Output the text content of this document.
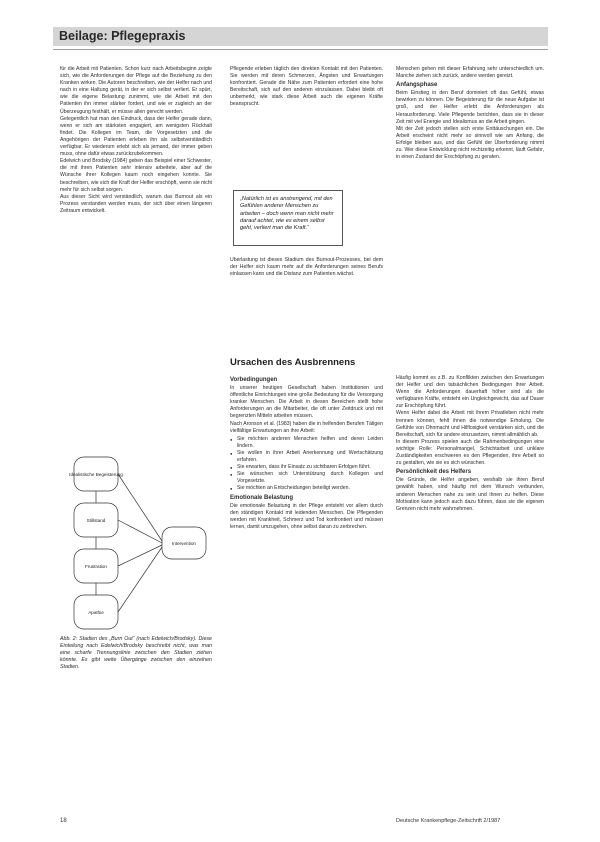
Beilage: Pflegepraxis

für die Arbeit mit Patienten. Schon kurz nach Arbeitsbeginn zeigte sich, wie die Anforderungen der Pflege auf die Beziehung zu den Kranken wirken. Die Autoren beschreiben, wie der Helfer nach und nach in eine Haltung gerät, in der er sich selbst verliert. Er spürt, wie die eigene Belastung zunimmt, wie die Arbeit mit den Patienten ihn immer stärker fordert, und wie er zugleich an der Überzeugung festhält, er müsse allen gerecht werden.

Gelegentlich hat man den Eindruck, dass der Helfer gerade dann, wenn er sich am stärksten engagiert, am wenigsten Rückhalt findet. Die Kollegen im Team, die Vorgesetzten und die Angehörigen der Patienten erleben ihn als selbstverständlich verfügbar. Er wiederum erlebt sich als jemand, der immer geben muss, ohne dafür etwas zurückzubekommen.

Edelwich und Brodsky (1984) geben das Beispiel einer Schwester, die mit ihren Patienten sehr intensiv arbeitete, aber auf die Wünsche ihrer Kollegen kaum noch eingehen konnte. Sie beschreiben, wie sich die Kraft der Helfer erschöpft, wenn sie nicht mehr für sich selbst sorgen.

Aus dieser Sicht wird verständlich, warum das Burnout als ein Prozess verstanden werden muss, der sich über einen längeren Zeitraum entwickelt.

Pflegende erleben täglich den direkten Kontakt mit den Patienten. Sie werden mit deren Schmerzen, Ängsten und Erwartungen konfrontiert. Gerade die Nähe zum Patienten erfordert eine hohe Bereitschaft, sich auf den anderen einzulassen. Dabei bleibt oft unbemerkt, wie stark diese Arbeit auch die eigenen Kräfte beansprucht.

„Natürlich ist es anstrengend, mit den Gefühlen anderer Menschen zu arbeiten – doch wenn man nicht mehr darauf achtet, wie es einem selbst geht, verliert man die Kraft.“

Überlastung ist dieses Stadium des Burnout-Prozesses, bei dem der Helfer sich kaum mehr auf die Anforderungen seines Berufs einlassen kann und die Distanz zum Patienten wächst.

Menschen gehen mit dieser Erfahrung sehr unterschiedlich um. Manche ziehen sich zurück, andere werden gereizt.

Anfangsphase

Beim Einstieg in den Beruf dominiert oft das Gefühl, etwas bewirken zu können. Die Begeisterung für die neue Aufgabe ist groß, und der Helfer erlebt die Anforderungen als Herausforderung. Viele Pflegende berichten, dass sie in dieser Zeit mit viel Energie und Idealismus an die Arbeit gingen.

Mit der Zeit jedoch stellen sich erste Enttäuschungen ein. Die Arbeit erscheint nicht mehr so sinnvoll wie am Anfang, die Erfolge bleiben aus, und das Gefühl der Überforderung nimmt zu. Wer diese Entwicklung nicht rechtzeitig erkennt, läuft Gefahr, in einen Zustand der Erschöpfung zu geraten.

Ursachen des Ausbrennens
Vorbedingungen

In unserer heutigen Gesellschaft haben Institutionen und öffentliche Einrichtungen eine große Bedeutung für die Versorgung kranker Menschen. Die Arbeit in diesen Bereichen stellt hohe Anforderungen an die Mitarbeiter, die oft unter Zeitdruck und mit begrenzten Mitteln arbeiten müssen.

Nach Aronson et al. (1983) haben die in helfenden Berufen Tätigen vielfältige Erwartungen an ihre Arbeit:

● Sie möchten anderen Menschen helfen und deren Leiden lindern.
● Sie wollen in ihrer Arbeit Anerkennung und Wertschätzung erfahren.
● Sie erwarten, dass ihr Einsatz zu sichtbaren Erfolgen führt.
● Sie wünschen sich Unterstützung durch Kollegen und Vorgesetzte.
● Sie möchten an Entscheidungen beteiligt werden.
Emotionale Belastung

Die emotionale Belastung in der Pflege entsteht vor allem durch den ständigen Kontakt mit leidenden Menschen. Die Pflegenden werden mit Krankheit, Schmerz und Tod konfrontiert und müssen lernen, damit umzugehen, ohne selbst daran zu zerbrechen.

Häufig kommt es z.B. zu Konflikten zwischen den Erwartungen der Helfer und den tatsächlichen Bedingungen ihrer Arbeit. Wenn die Anforderungen dauerhaft höher sind als die verfügbaren Kräfte, entsteht ein Ungleichgewicht, das auf Dauer zur Erschöpfung führt.

Wenn Helfer dabei die Arbeit mit ihrem Privatleben nicht mehr trennen können, fehlt ihnen die notwendige Erholung. Die Gefühle von Ohnmacht und Hilflosigkeit verstärken sich, und die Bereitschaft, sich für andere einzusetzen, nimmt allmählich ab.

In diesem Prozess spielen auch die Rahmenbedingungen eine wichtige Rolle: Personalmangel, Schichtarbeit und unklare Zuständigkeiten erschweren es den Pflegenden, ihre Arbeit so zu gestalten, wie sie es sich wünschen.

Persönlichkeit des Helfers

Die Gründe, die Helfer angeben, weshalb sie ihren Beruf gewählt haben, sind häufig mit dem Wunsch verbunden, anderen Menschen nahe zu sein und ihnen zu helfen. Diese Motivation kann jedoch auch dazu führen, dass sie die eigenen Grenzen nicht mehr wahrnehmen.

Idealistische Begeisterung
Stillstand
Frustration
Apathie
Intervention
Abb. 2: Stadien des „Burn Out“ (nach Edelwich/Brodsky). Diese Einteilung nach Edelwich/Brodsky beschreibt nicht, was man eine scharfe Trennungslinie zwischen den Stadien ziehen könnte. Es gibt weite Übergänge zwischen den einzelnen Stadien.
18	Deutsche Krankenpflege-Zeitschrift 2/1987
